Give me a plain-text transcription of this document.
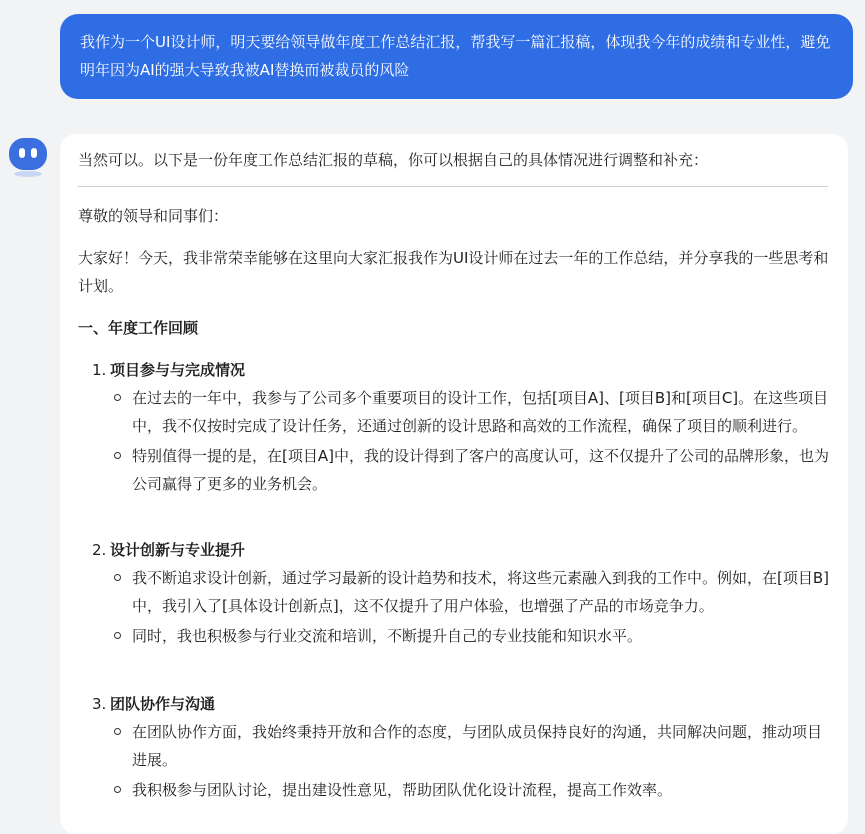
我作为一个UI设计师，明天要给领导做年度工作总结汇报，帮我写一篇汇报稿，体现我今年的成绩和专业性，避免明年因为AI的强大导致我被AI替换而被裁员的风险
当然可以。以下是一份年度工作总结汇报的草稿，你可以根据自己的具体情况进行调整和补充：
尊敬的领导和同事们：
大家好！今天，我非常荣幸能够在这里向大家汇报我作为UI设计师在过去一年的工作总结，并分享我的一些思考和计划。
一、年度工作回顾
1. 项目参与与完成情况
在过去的一年中，我参与了公司多个重要项目的设计工作，包括[项目A]、[项目B]和[项目C]。在这些项目中，我不仅按时完成了设计任务，还通过创新的设计思路和高效的工作流程，确保了项目的顺利进行。
特别值得一提的是，在[项目A]中，我的设计得到了客户的高度认可，这不仅提升了公司的品牌形象，也为公司赢得了更多的业务机会。
2. 设计创新与专业提升
我不断追求设计创新，通过学习最新的设计趋势和技术，将这些元素融入到我的工作中。例如，在[项目B]中，我引入了[具体设计创新点]，这不仅提升了用户体验，也增强了产品的市场竞争力。
同时，我也积极参与行业交流和培训，不断提升自己的专业技能和知识水平。
3. 团队协作与沟通
在团队协作方面，我始终秉持开放和合作的态度，与团队成员保持良好的沟通，共同解决问题，推动项目进展。
我积极参与团队讨论，提出建设性意见，帮助团队优化设计流程，提高工作效率。
